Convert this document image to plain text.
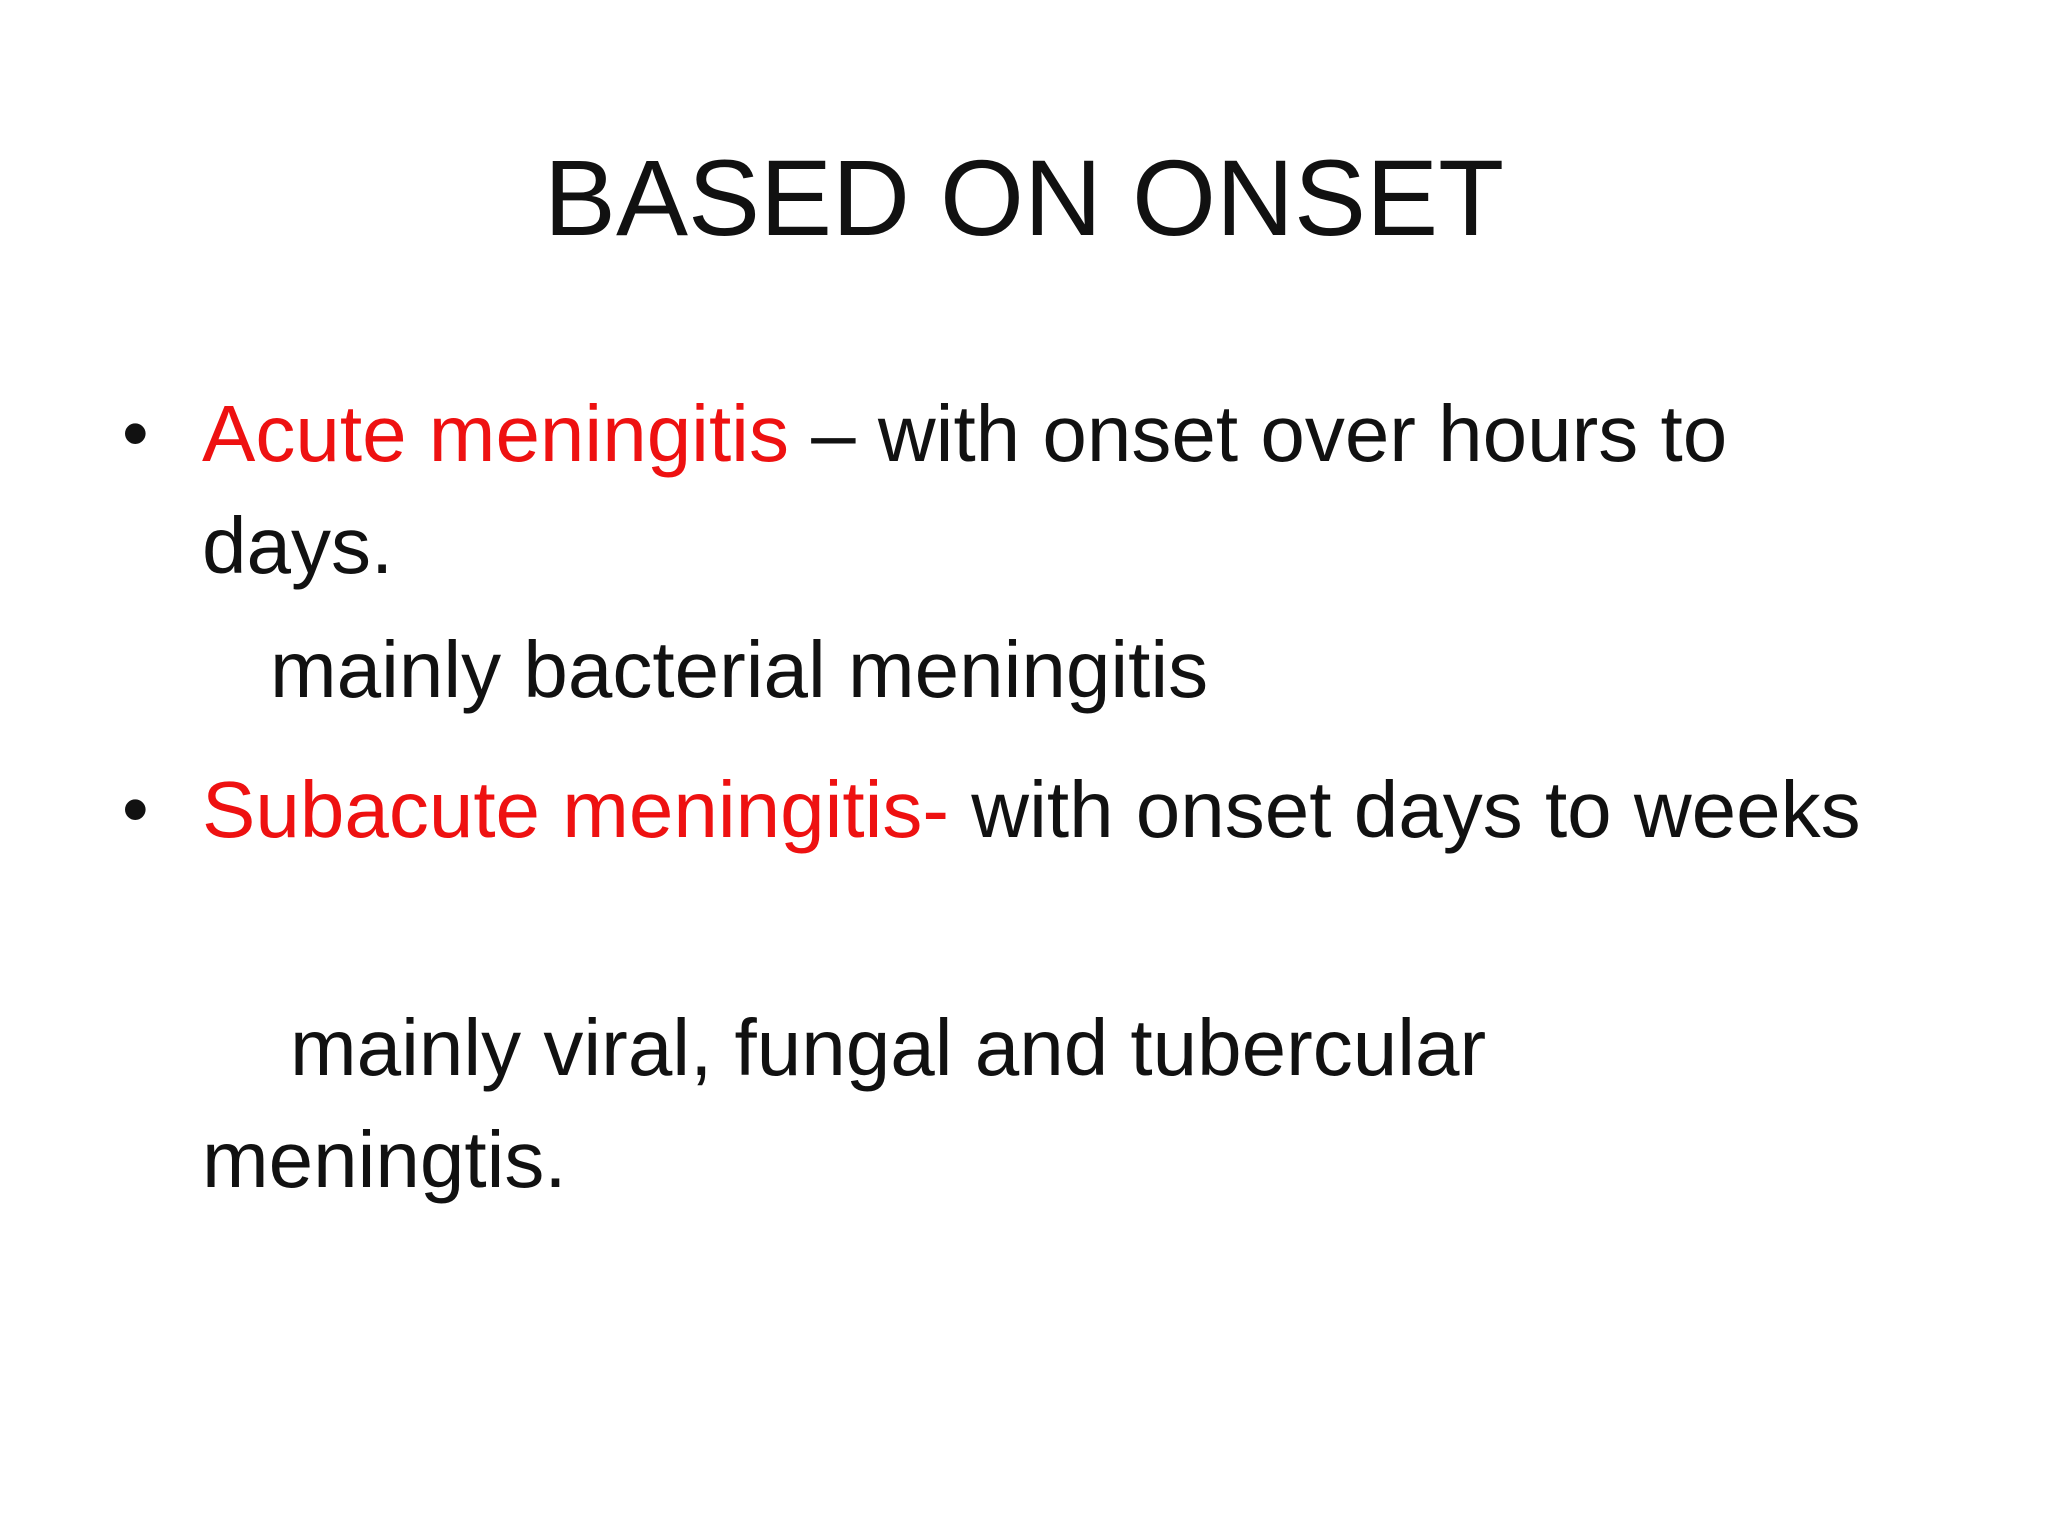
BASED ON ONSET
• Acute meningitis – with onset over hours to days.
mainly bacterial meningitis
• Subacute meningitis- with onset days to weeks
mainly viral, fungal and tubercular
meningtis.
